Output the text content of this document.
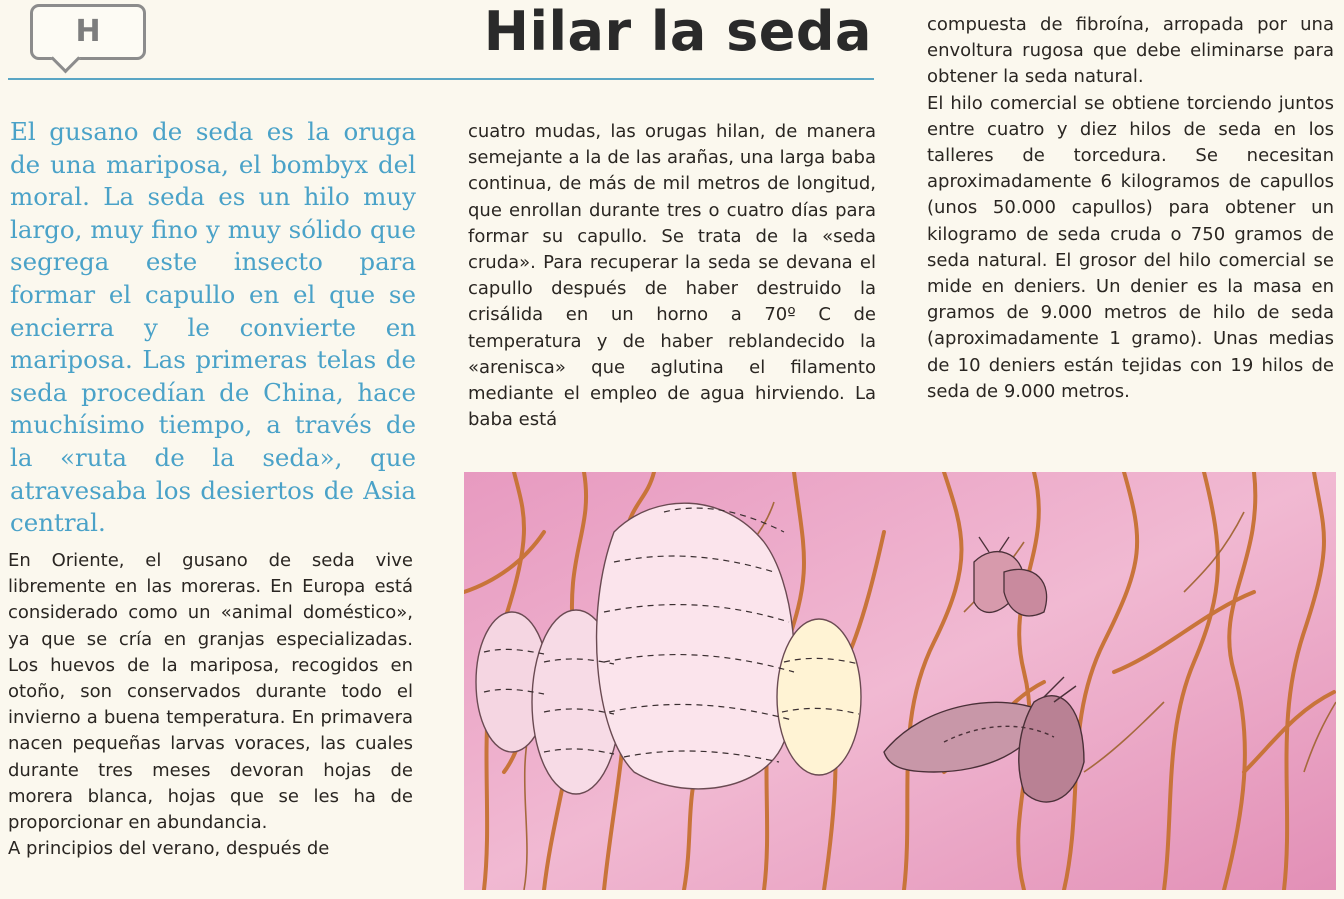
H	Hilar la seda

El gusano de seda es la oruga de una mariposa, el bombyx del moral. La seda es un hilo muy largo, muy fino y muy sólido que segrega este insecto para formar el capullo en el que se encierra y le convierte en mariposa. Las primeras telas de seda procedían de China, hace muchísimo tiempo, a través de la «ruta de la seda», que atravesaba los desiertos de Asia central.

En Oriente, el gusano de seda vive libremente en las moreras. En Europa está considerado como un «animal doméstico», ya que se cría en granjas especializadas. Los huevos de la mariposa, recogidos en otoño, son conservados durante todo el invierno a buena temperatura. En primavera nacen pequeñas larvas voraces, las cuales durante tres meses devoran hojas de morera blanca, hojas que se les ha de proporcionar en abundancia.

A principios del verano, después de

cuatro mudas, las orugas hilan, de manera semejante a la de las arañas, una larga baba continua, de más de mil metros de longitud, que enrollan durante tres o cuatro días para formar su capullo. Se trata de la «seda cruda». Para recuperar la seda se devana el capullo después de haber destruido la crisálida en un horno a 70º C de temperatura y de haber reblandecido la «arenisca» que aglutina el filamento mediante el empleo de agua hirviendo. La baba está

compuesta de fibroína, arropada por una envoltura rugosa que debe eliminarse para obtener la seda natural.

El hilo comercial se obtiene torciendo juntos entre cuatro y diez hilos de seda en los talleres de torcedura. Se necesitan aproximadamente 6 kilogramos de capullos (unos 50.000 capullos) para obtener un kilogramo de seda cruda o 750 gramos de seda natural. El grosor del hilo comercial se mide en deniers. Un denier es la masa en gramos de 9.000 metros de hilo de seda (aproximadamente 1 gramo). Unas medias de 10 deniers están tejidas con 19 hilos de seda de 9.000 metros.
